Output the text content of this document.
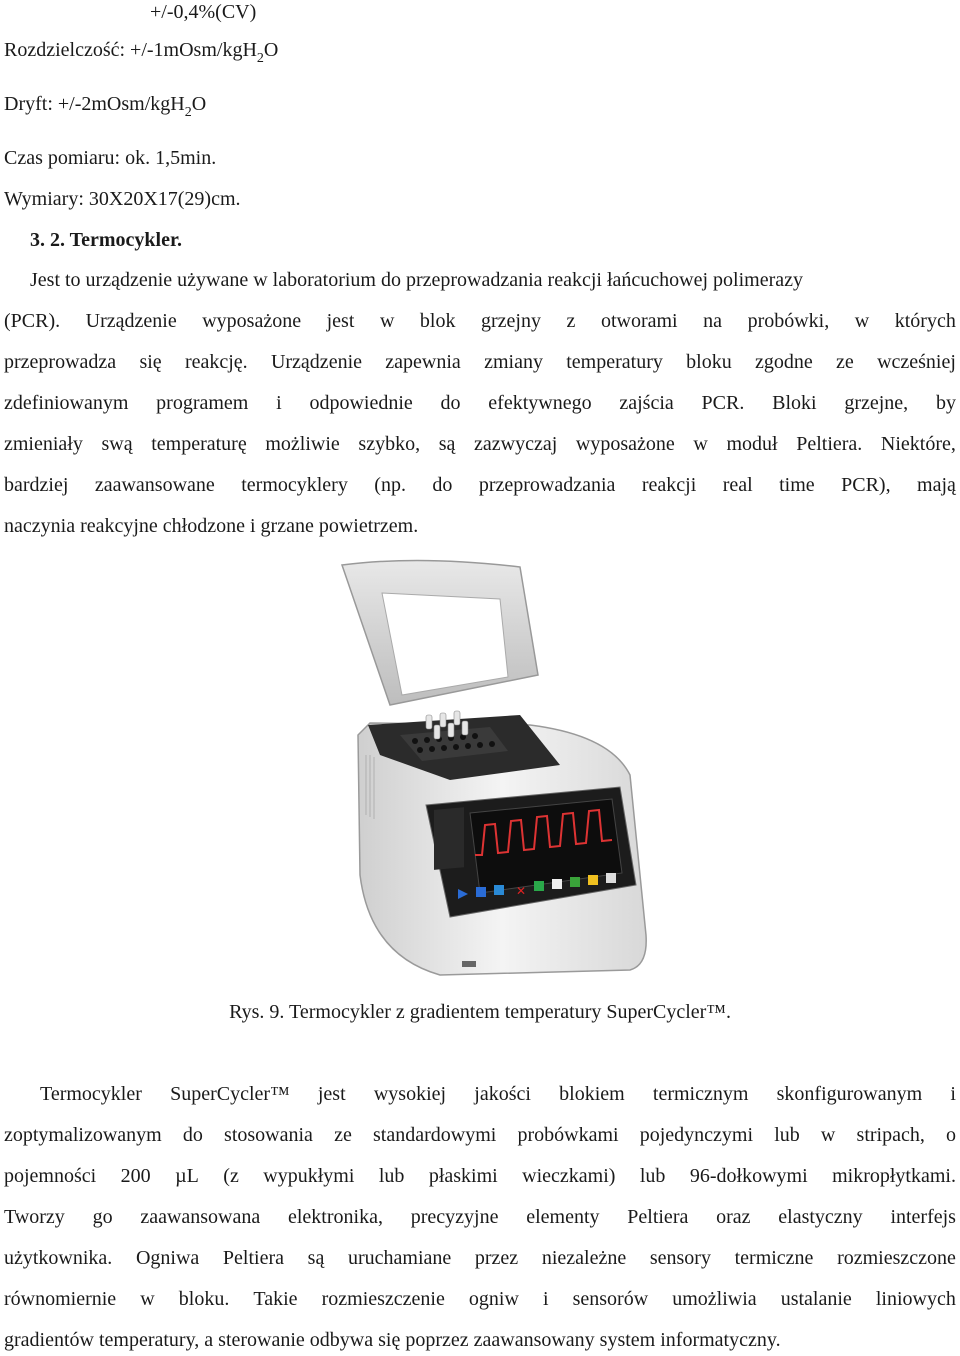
+/-0,4%(CV)
Rozdzielczość: +/-1mOsm/kgH$_2$O
Dryft: +/-2mOsm/kgH$_2$O
Czas pomiaru: ok. 1,5min.
Wymiary: 30X20X17(29)cm.
3. 2. Termocykler.
Jest to urządzenie używane w laboratorium do przeprowadzania reakcji łańcuchowej polimerazy
(PCR). Urządzenie wyposażone jest w blok grzejny z otworami na probówki, w których
przeprowadza się reakcję. Urządzenie zapewnia zmiany temperatury bloku zgodne ze wcześniej
zdefiniowanym programem i odpowiednie do efektywnego zajścia PCR. Bloki grzejne, by
zmieniały swą temperaturę możliwie szybko, są zazwyczaj wyposażone w moduł Peltiera. Niektóre,
bardziej zaawansowane termocyklery (np. do przeprowadzania reakcji real time PCR), mają
naczynia reakcyjne chłodzone i grzane powietrzem.
✕
Rys. 9. Termocykler z gradientem temperatury SuperCycler™.
Termocykler SuperCycler™ jest wysokiej jakości blokiem termicznym skonfigurowanym i
zoptymalizowanym do stosowania ze standardowymi probówkami pojedynczymi lub w stripach, o
pojemności 200 µL (z wypukłymi lub płaskimi wieczkami) lub 96-dołkowymi mikropłytkami.
Tworzy go zaawansowana elektronika, precyzyjne elementy Peltiera oraz elastyczny interfejs
użytkownika. Ogniwa Peltiera są uruchamiane przez niezależne sensory termiczne rozmieszczone
równomiernie w bloku. Takie rozmieszczenie ogniw i sensorów umożliwia ustalanie liniowych
gradientów temperatury, a sterowanie odbywa się poprzez zaawansowany system informatyczny.
